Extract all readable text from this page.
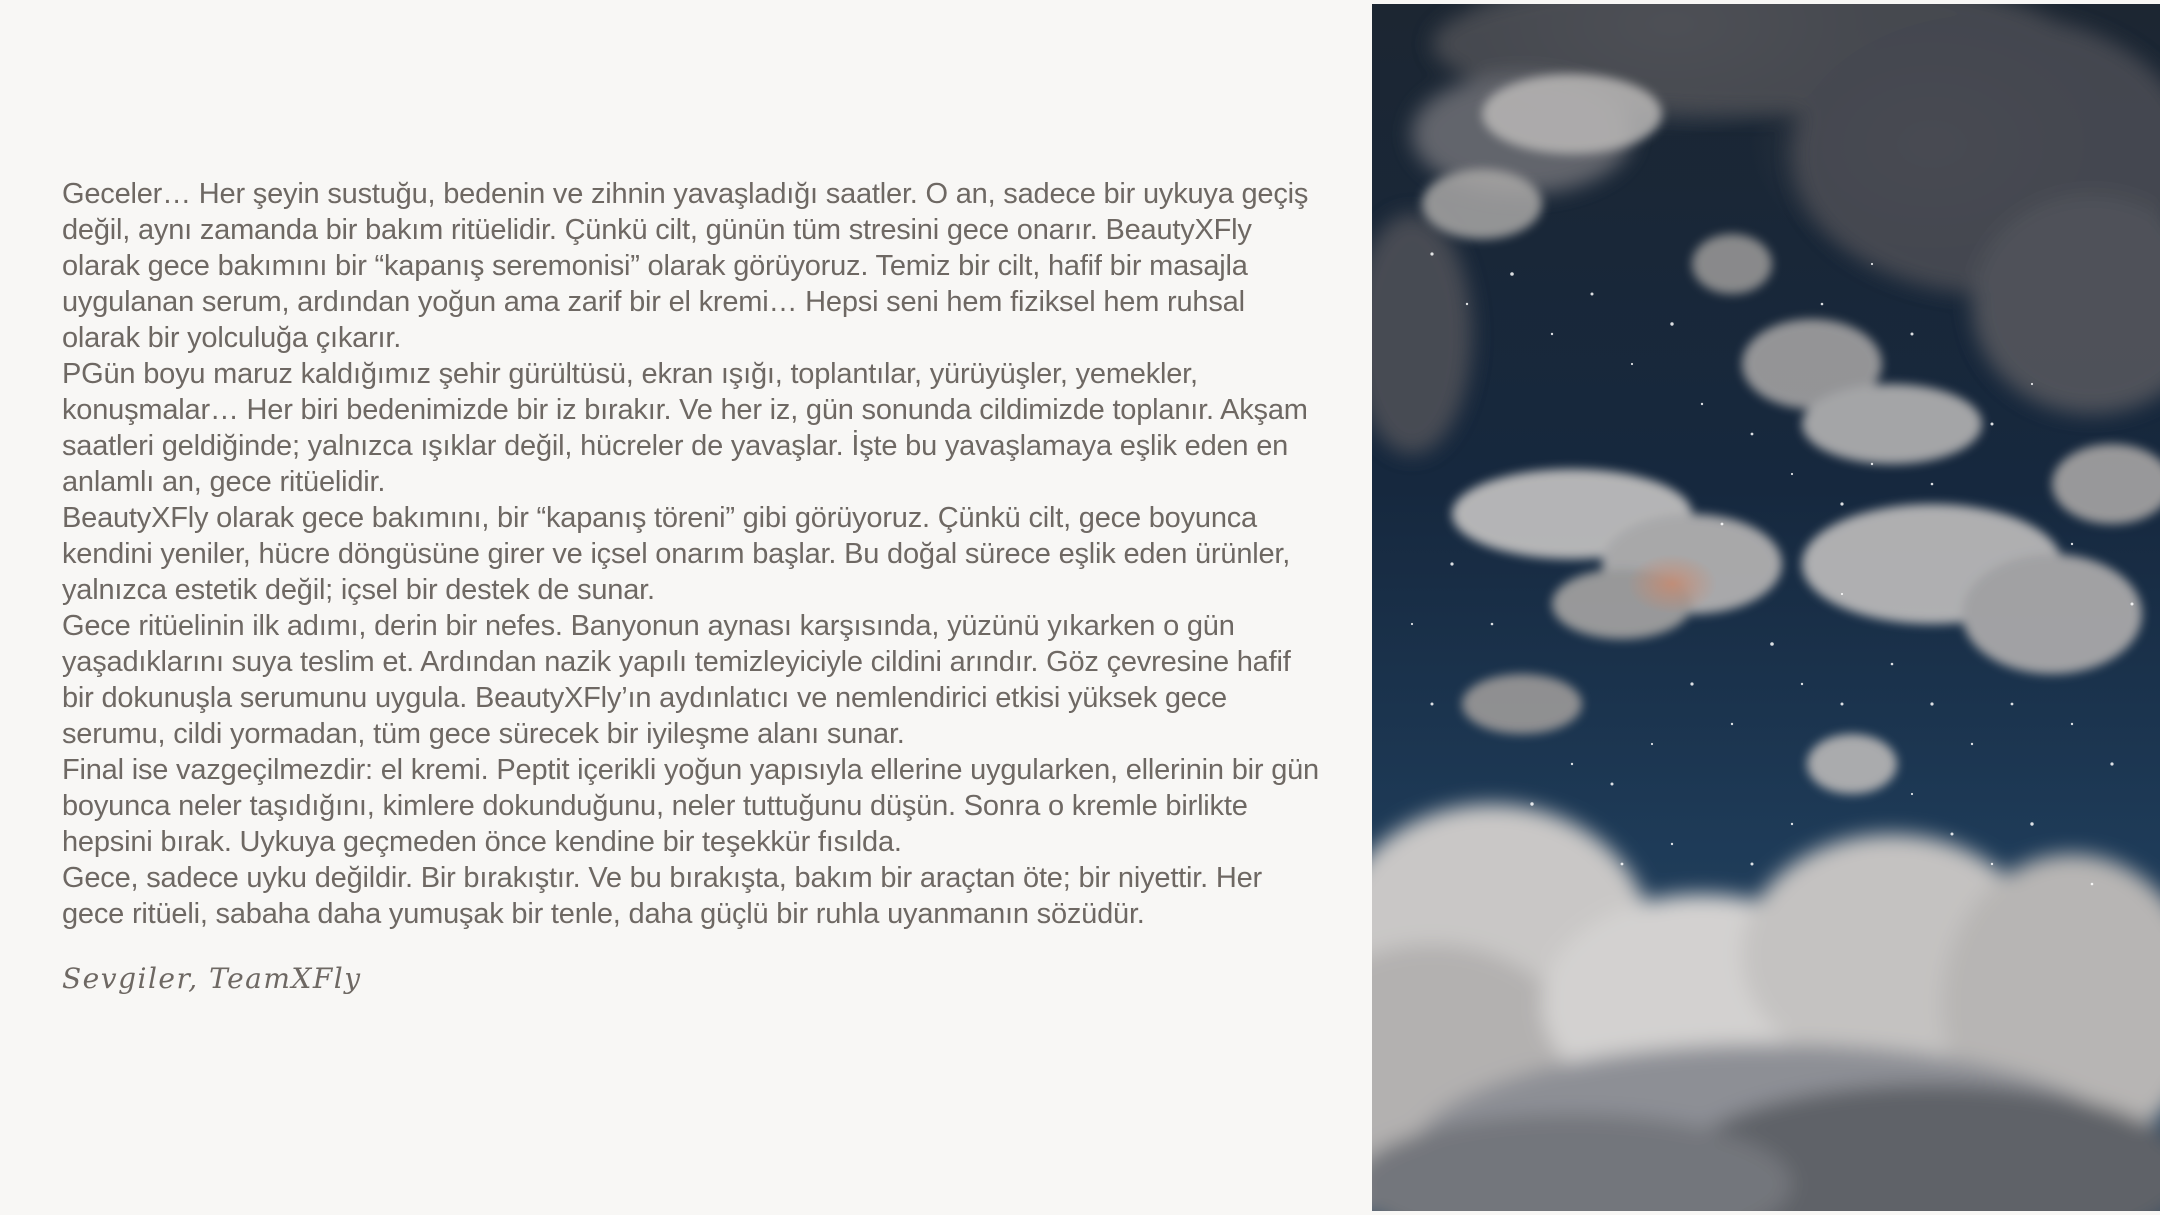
Geceler… Her şeyin sustuğu, bedenin ve zihnin yavaşladığı saatler. O an, sadece bir uykuya geçiş değil, aynı zamanda bir bakım ritüelidir. Çünkü cilt, günün tüm stresini gece onarır. BeautyXFly olarak gece bakımını bir “kapanış seremonisi” olarak görüyoruz. Temiz bir cilt, hafif bir masajla uygulanan serum, ardından yoğun ama zarif bir el kremi… Hepsi seni hem fiziksel hem ruhsal olarak bir yolculuğa çıkarır.

PGün boyu maruz kaldığımız şehir gürültüsü, ekran ışığı, toplantılar, yürüyüşler, yemekler, konuşmalar… Her biri bedenimizde bir iz bırakır. Ve her iz, gün sonunda cildimizde toplanır. Akşam saatleri geldiğinde; yalnızca ışıklar değil, hücreler de yavaşlar. İşte bu yavaşlamaya eşlik eden en anlamlı an, gece ritüelidir.

BeautyXFly olarak gece bakımını, bir “kapanış töreni” gibi görüyoruz. Çünkü cilt, gece boyunca kendini yeniler, hücre döngüsüne girer ve içsel onarım başlar. Bu doğal sürece eşlik eden ürünler, yalnızca estetik değil; içsel bir destek de sunar.

Gece ritüelinin ilk adımı, derin bir nefes. Banyonun aynası karşısında, yüzünü yıkarken o gün yaşadıklarını suya teslim et. Ardından nazik yapılı temizleyiciyle cildini arındır. Göz çevresine hafif bir dokunuşla serumunu uygula. BeautyXFly’ın aydınlatıcı ve nemlendirici etkisi yüksek gece serumu, cildi yormadan, tüm gece sürecek bir iyileşme alanı sunar.

Final ise vazgeçilmezdir: el kremi. Peptit içerikli yoğun yapısıyla ellerine uygularken, ellerinin bir gün boyunca neler taşıdığını, kimlere dokunduğunu, neler tuttuğunu düşün. Sonra o kremle birlikte hepsini bırak. Uykuya geçmeden önce kendine bir teşekkür fısılda.

Gece, sadece uyku değildir. Bir bırakıştır. Ve bu bırakışta, bakım bir araçtan öte; bir niyettir. Her gece ritüeli, sabaha daha yumuşak bir tenle, daha güçlü bir ruhla uyanmanın sözüdür.

Sevgiler, TeamXFly
